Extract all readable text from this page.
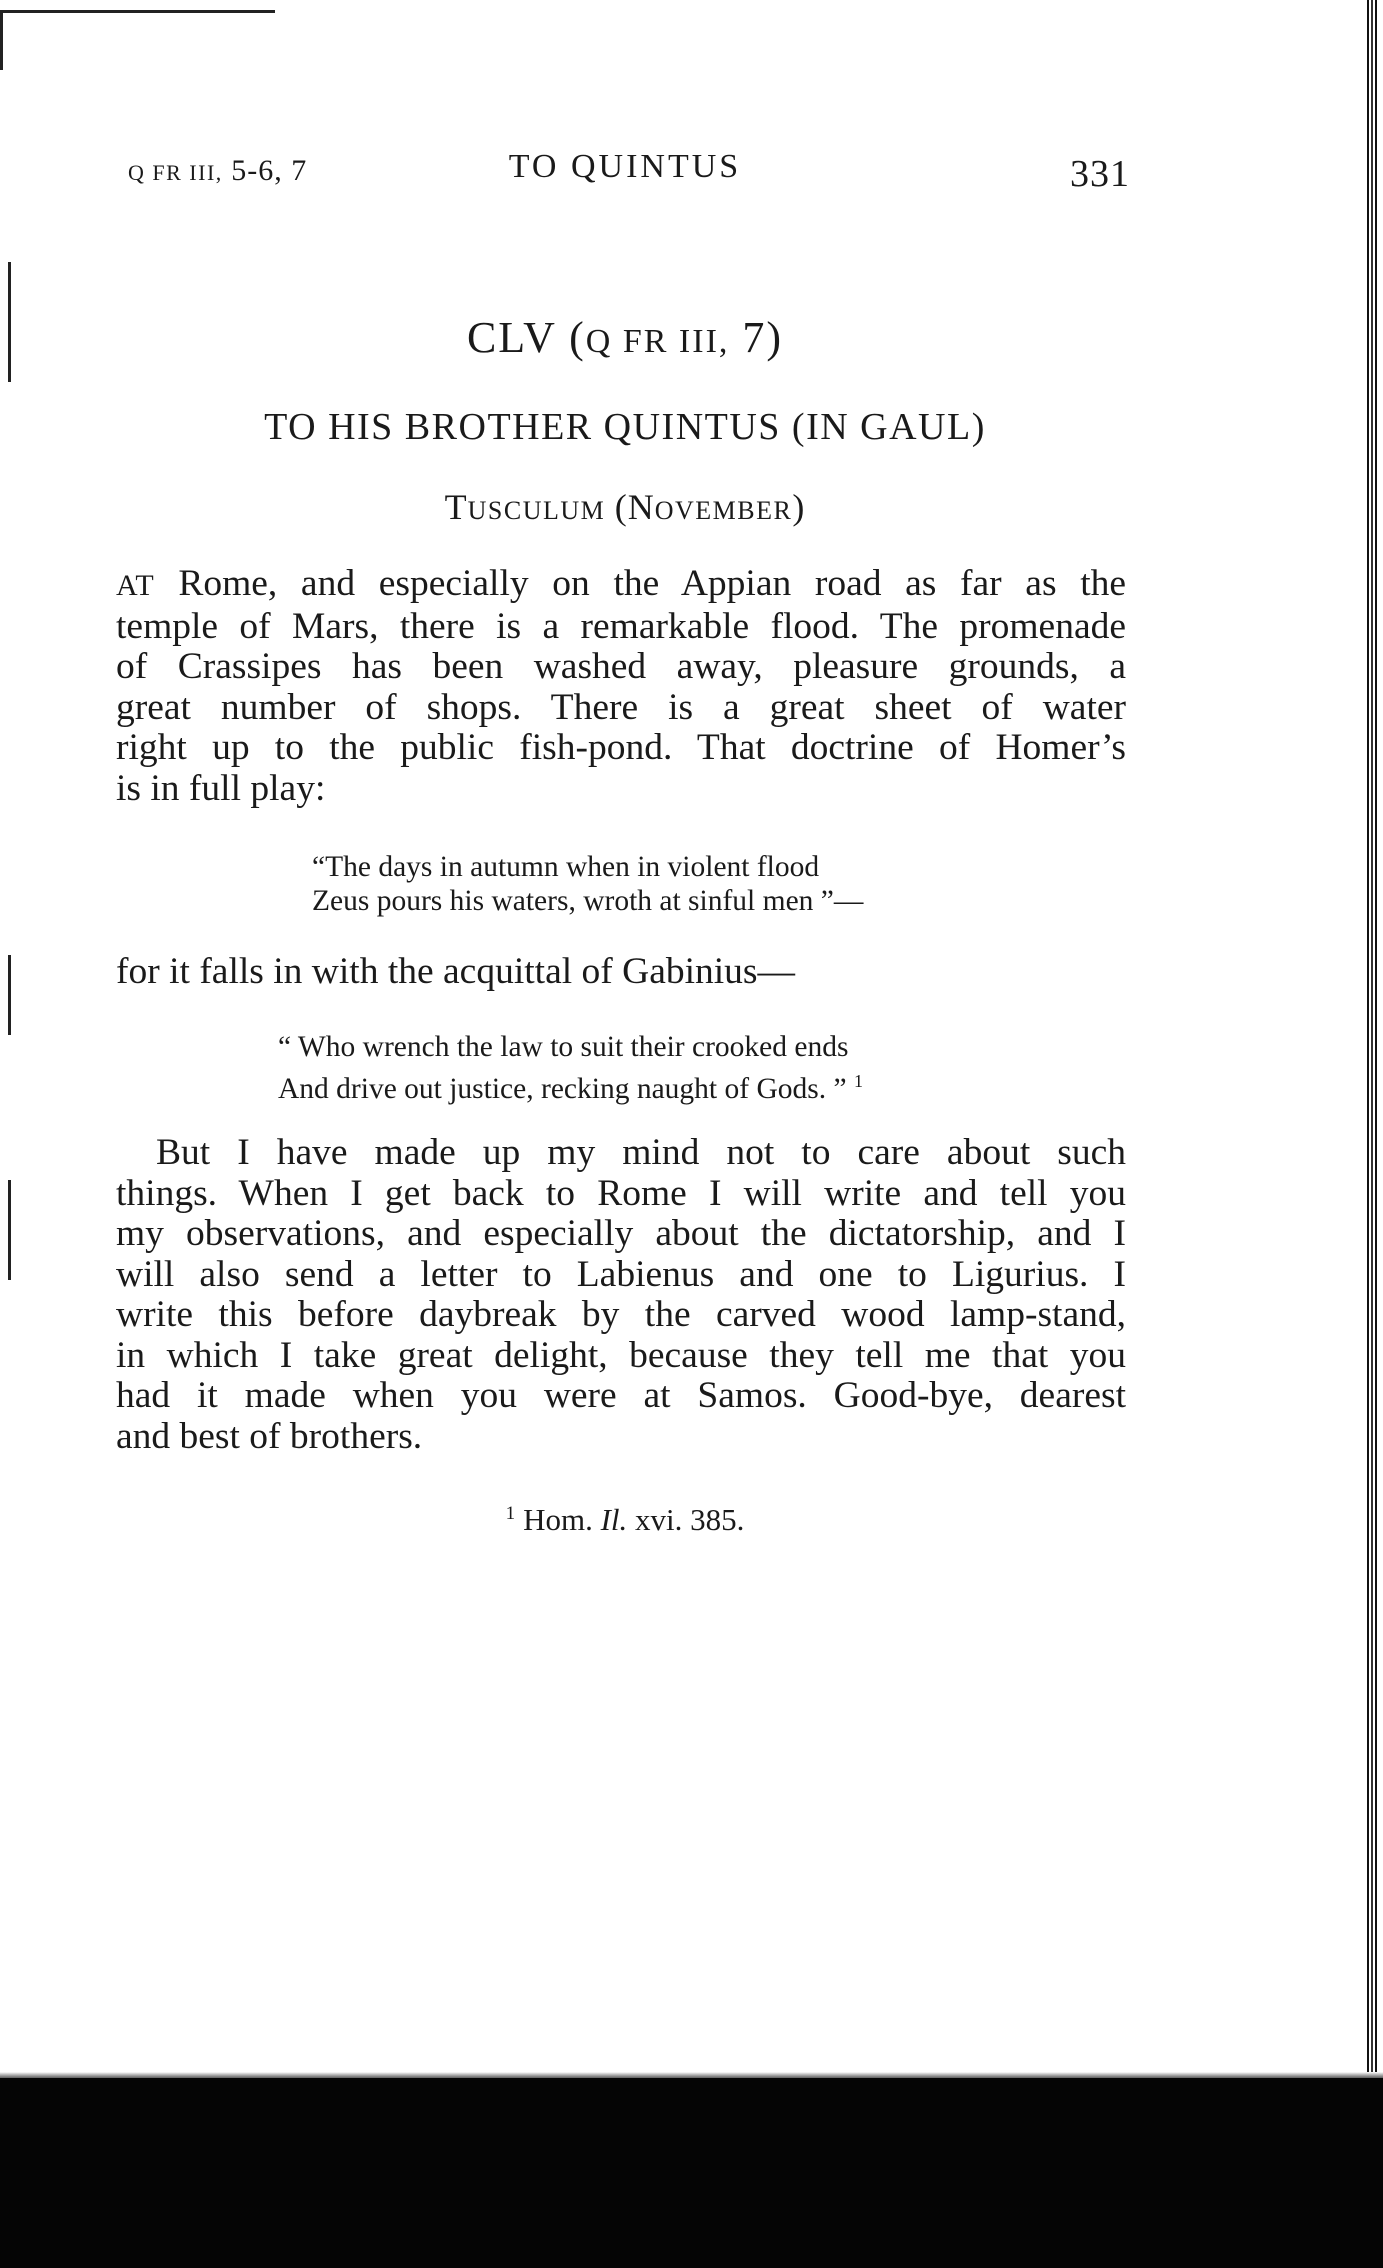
Q FR III, 5-6, 7	TO QUINTUS	331
CLV (Q FR III, 7)
TO HIS BROTHER QUINTUS (IN GAUL)
TUSCULUM (NOVEMBER)

AT Rome, and especially on the Appian road as far as the
temple of Mars, there is a remarkable flood. The promenade
of Crassipes has been washed away, pleasure grounds, a
great number of shops. There is a great sheet of water
right up to the public fish-pond. That doctrine of Homer’s
is in full play:

“The days in autumn when in violent flood
Zeus pours his waters, wroth at sinful men ”—

for it falls in with the acquittal of Gabinius—

“ Who wrench the law to suit their crooked ends
And drive out justice, recking naught of Gods. ” $^1$

But I have made up my mind not to care about such
things. When I get back to Rome I will write and tell you
my observations, and especially about the dictatorship, and I
will also send a letter to Labienus and one to Ligurius. I
write this before daybreak by the carved wood lamp-stand,
in which I take great delight, because they tell me that you
had it made when you were at Samos. Good-bye, dearest
and best of brothers.

$^1$ Hom. Il. xvi. 385.
